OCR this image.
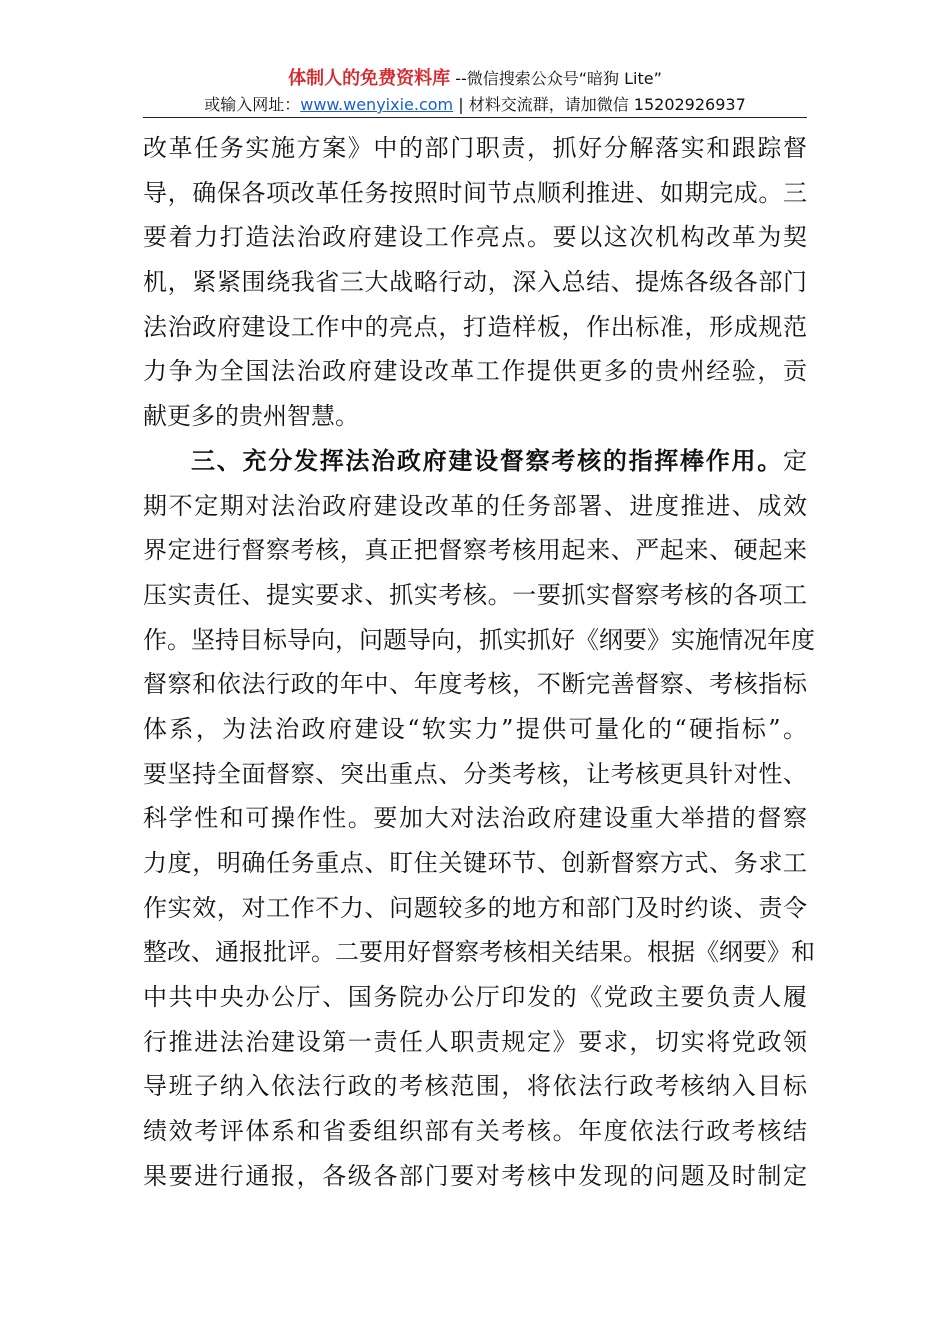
体制人的免费资料库 --微信搜索公众号“暗狗 Lite”
或输入网址：www.wenyixie.com | 材料交流群，请加微信 15202926937
改革任务实施方案》中的部门职责，抓好分解落实和跟踪督
导，确保各项改革任务按照时间节点顺利推进、如期完成。三
要着力打造法治政府建设工作亮点。要以这次机构改革为契
机，紧紧围绕我省三大战略行动，深入总结、提炼各级各部门
法治政府建设工作中的亮点，打造样板，作出标准，形成规范
力争为全国法治政府建设改革工作提供更多的贵州经验，贡
献更多的贵州智慧。
三、充分发挥法治政府建设督察考核的指挥棒作用。定
期不定期对法治政府建设改革的任务部署、进度推进、成效
界定进行督察考核，真正把督察考核用起来、严起来、硬起来
压实责任、提实要求、抓实考核。一要抓实督察考核的各项工
作。坚持目标导向，问题导向，抓实抓好《纲要》实施情况年度
督察和依法行政的年中、年度考核，不断完善督察、考核指标
体系，为法治政府建设“软实力”提供可量化的“硬指标”。
要坚持全面督察、突出重点、分类考核，让考核更具针对性、
科学性和可操作性。要加大对法治政府建设重大举措的督察
力度，明确任务重点、盯住关键环节、创新督察方式、务求工
作实效，对工作不力、问题较多的地方和部门及时约谈、责令
整改、通报批评。二要用好督察考核相关结果。根据《纲要》和
中共中央办公厅、国务院办公厅印发的《党政主要负责人履
行推进法治建设第一责任人职责规定》要求，切实将党政领
导班子纳入依法行政的考核范围，将依法行政考核纳入目标
绩效考评体系和省委组织部有关考核。年度依法行政考核结
果要进行通报，各级各部门要对考核中发现的问题及时制定
